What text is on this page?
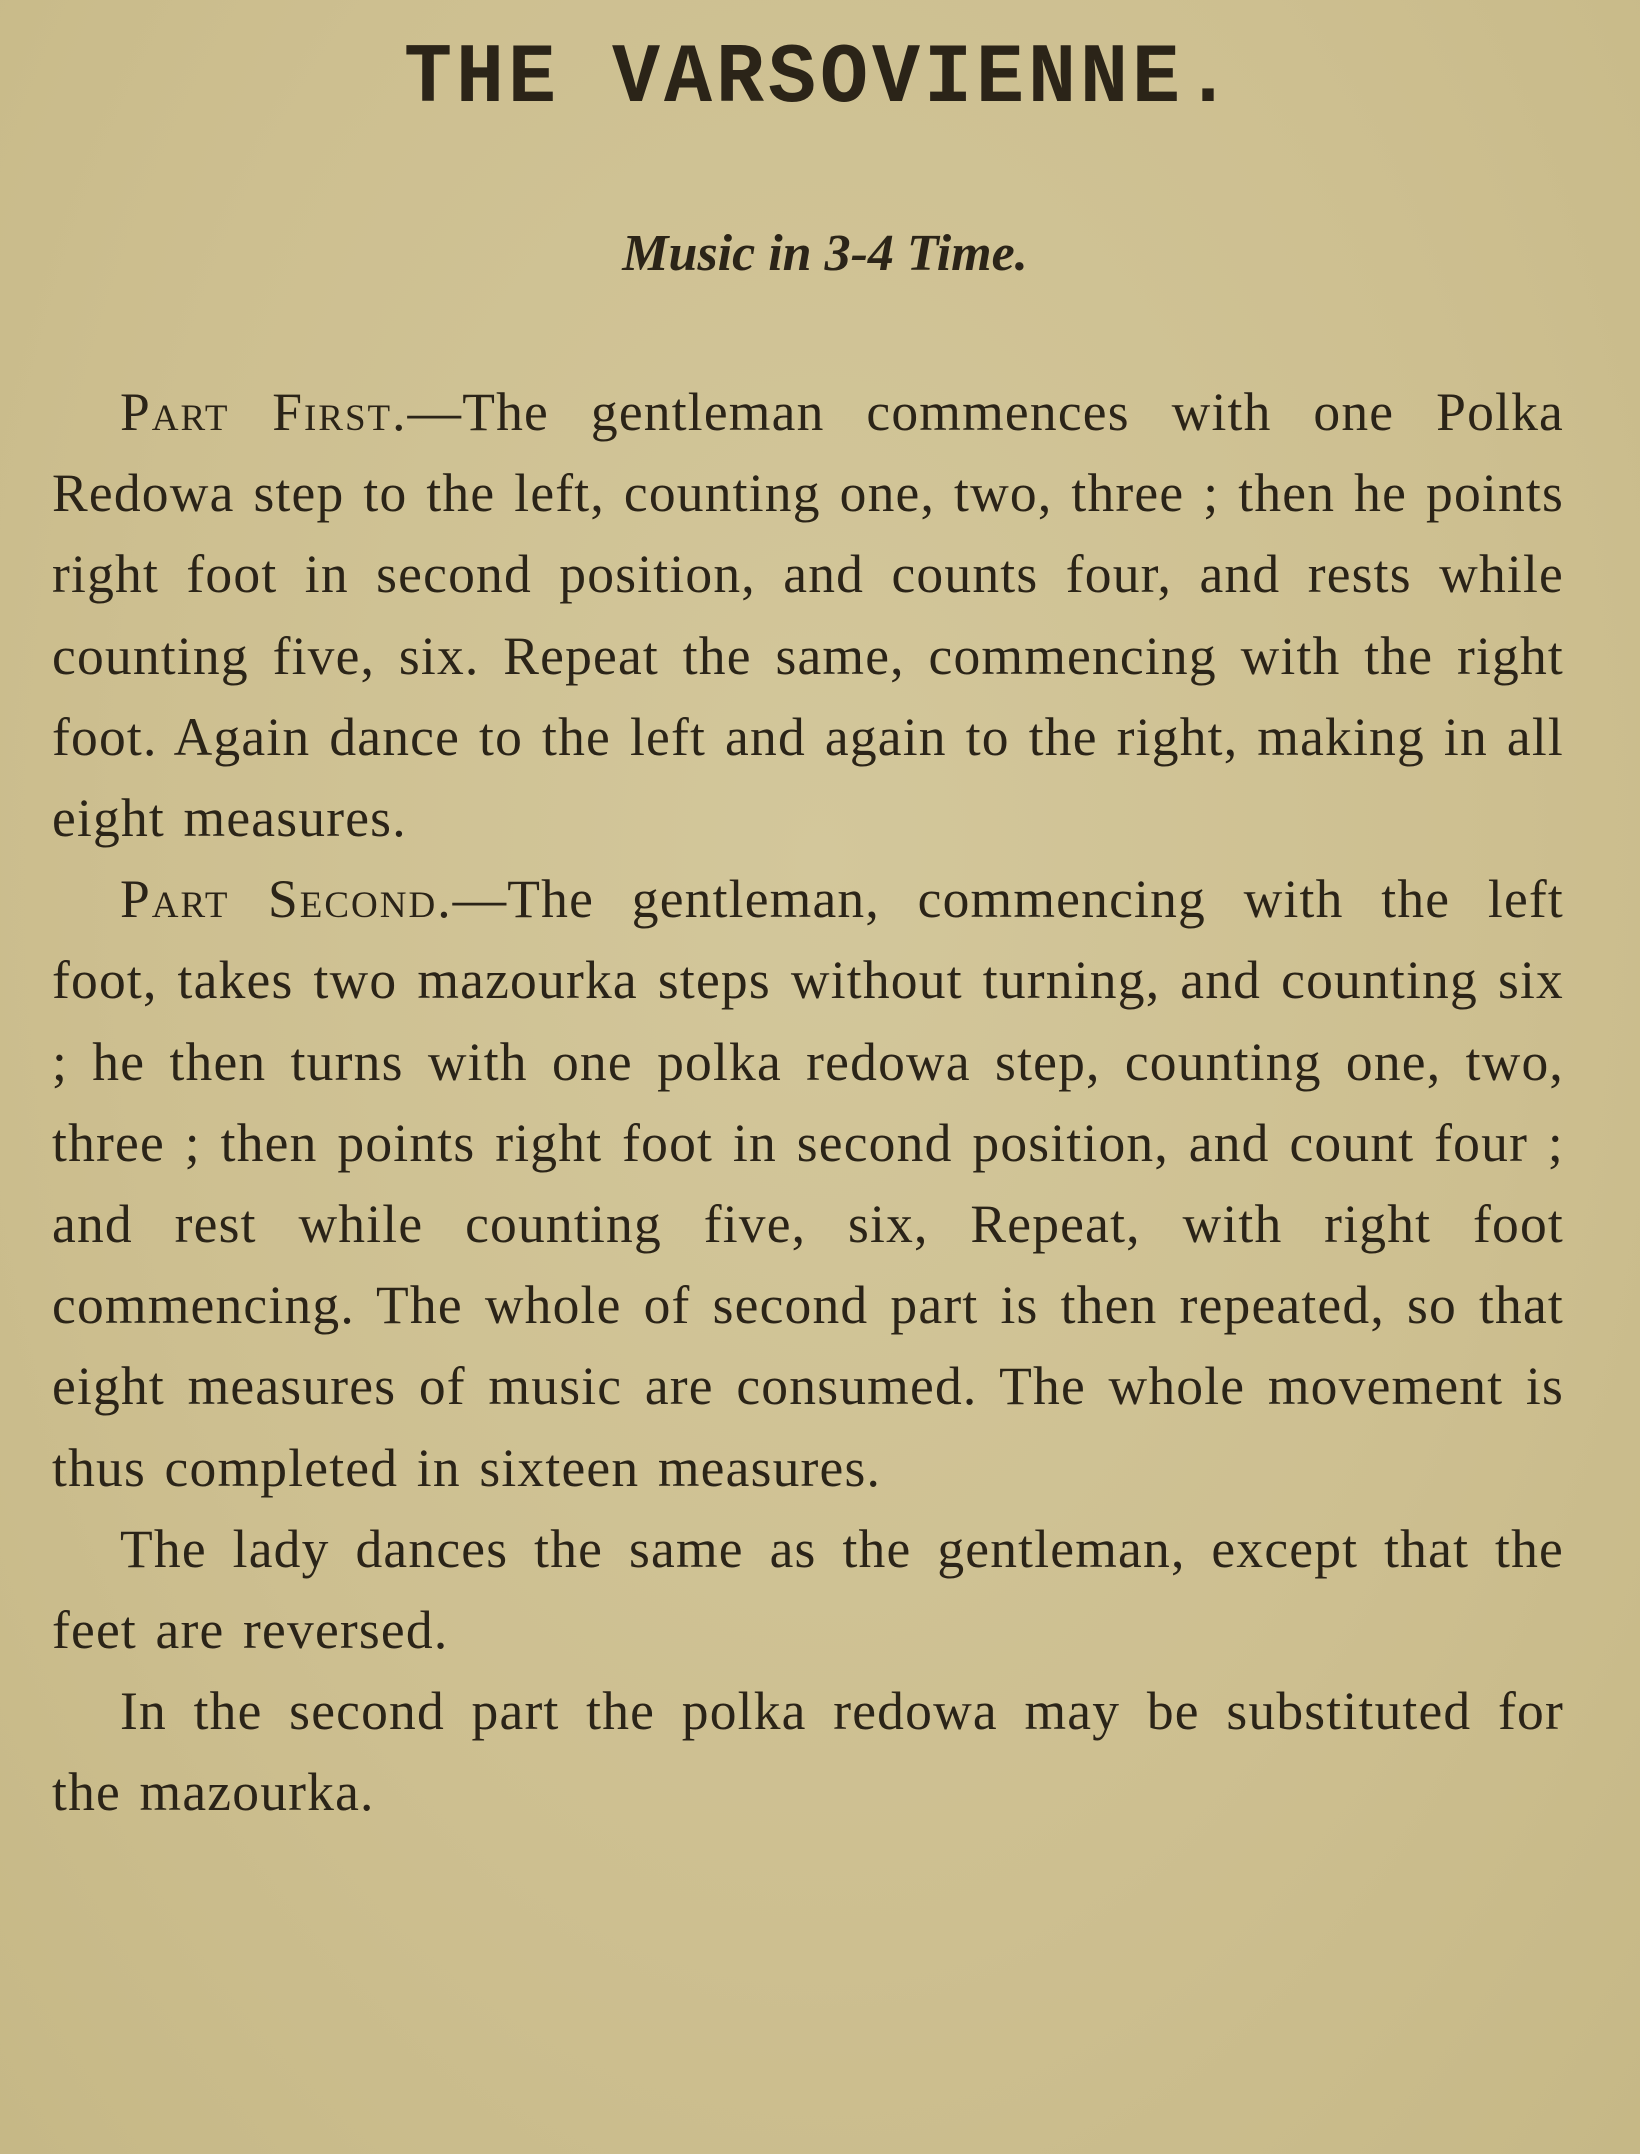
THE VARSOVIENNE.
Music in 3-4 Time.

Part First.—The gentleman commences with one Polka Redowa step to the left, counting one, two, three ; then he points right foot in second position, and counts four, and rests while counting five, six. Repeat the same, commencing with the right foot. Again dance to the left and again to the right, making in all eight measures.

Part Second.—The gentleman, commencing with the left foot, takes two mazourka steps without turning, and counting six ; he then turns with one polka redowa step, counting one, two, three ; then points right foot in second position, and count four ; and rest while counting five, six, Repeat, with right foot commencing. The whole of second part is then repeated, so that eight measures of music are consumed. The whole movement is thus completed in sixteen measures.

The lady dances the same as the gentleman, except that the feet are reversed.

In the second part the polka redowa may be substituted for the mazourka.
